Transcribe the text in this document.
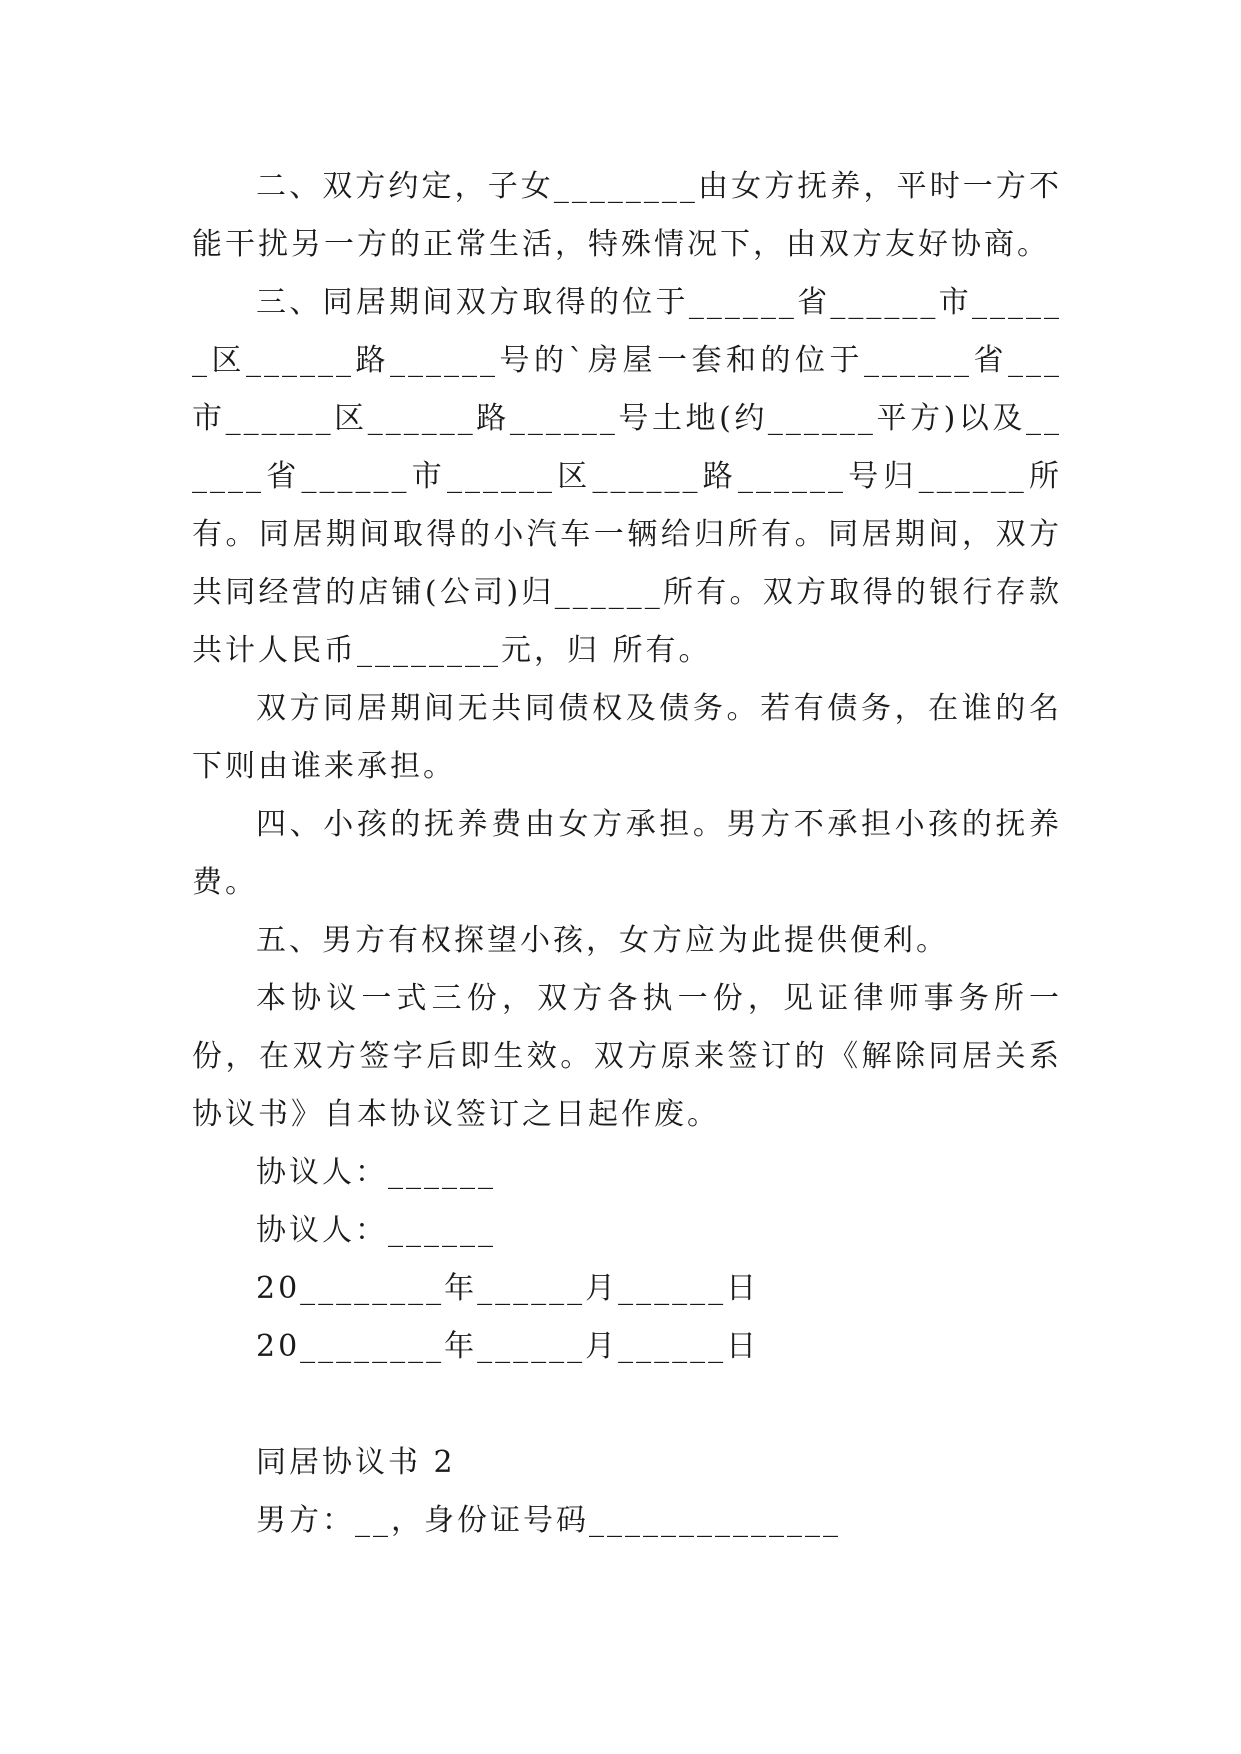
二、双方约定，子女________由女方抚养，平时一方不能干扰另一方的正常生活，特殊情况下，由双方友好协商。

三、同居期间双方取得的位于______省______市______区______路______号的`房屋一套和的位于______省___市______区______路______号土地(约______平方)以及______省______市______区______路______号归______所有。同居期间取得的小汽车一辆给归所有。同居期间，双方共同经营的店铺(公司)归______所有。双方取得的银行存款共计人民币________元，归 所有。

双方同居期间无共同债权及债务。若有债务，在谁的名下则由谁来承担。

四、小孩的抚养费由女方承担。男方不承担小孩的抚养费。

五、男方有权探望小孩，女方应为此提供便利。

本协议一式三份，双方各执一份，见证律师事务所一份，在双方签字后即生效。双方原来签订的《解除同居关系协议书》自本协议签订之日起作废。

协议人：______

协议人：______

20________年______月______日

20________年______月______日

同居协议书 2

男方：__，身份证号码______________
